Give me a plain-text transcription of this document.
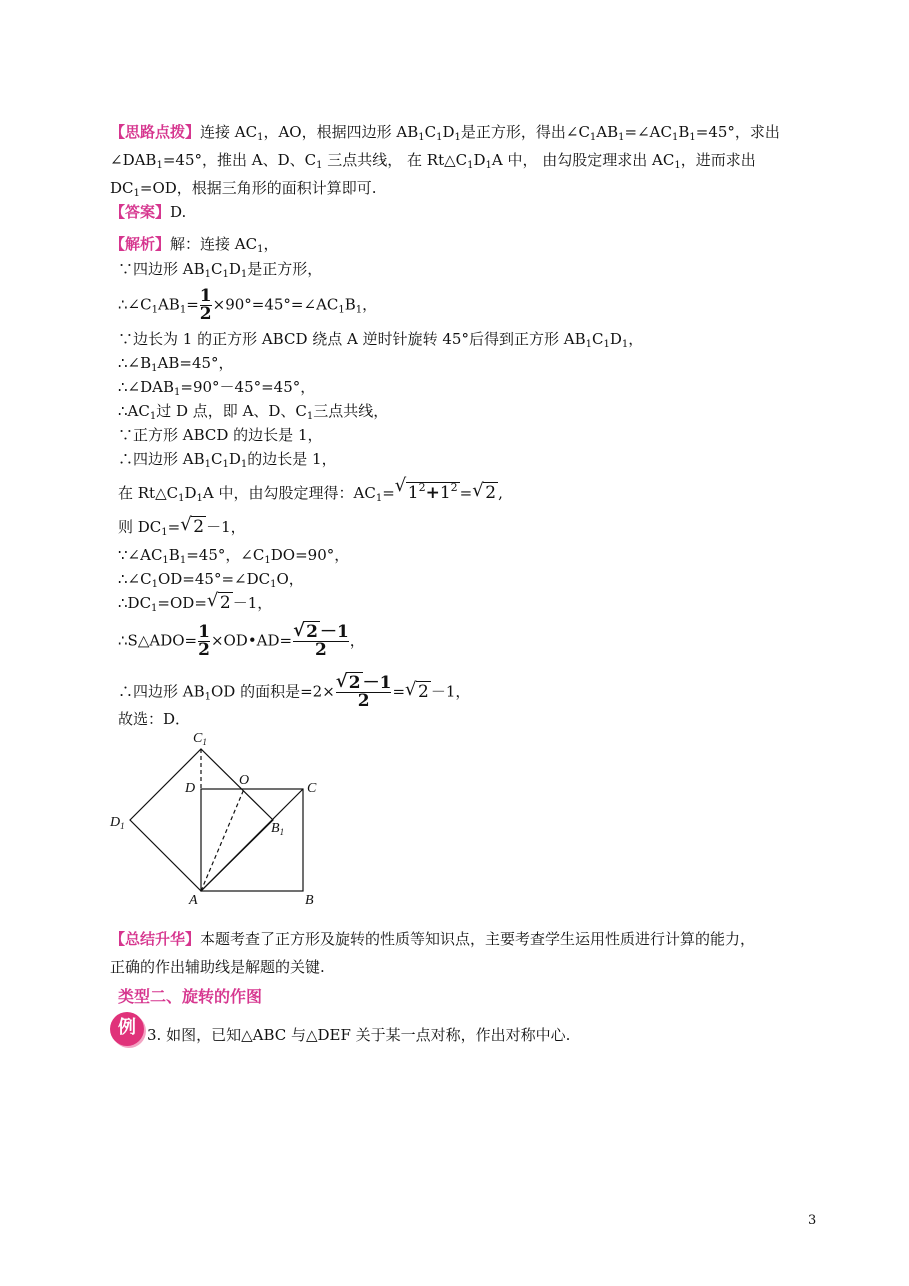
【思路点拨】连接 $AC_1$，AO，根据四边形 $AB_1C_1D_1$是正方形，得出$\angle C_1AB_1=\angle AC_1B_1=45^\circ$，求出
$\angle DAB_1=45^\circ$，推出 A、D、$C_1$ 三点共线， 在 $Rt\triangle C_1D_1A$ 中， 由勾股定理求出 $AC_1$，进而求出
$DC_1=OD$，根据三角形的面积计算即可.
【答案】D.
【解析】解：连接 $AC_1$，
∵四边形 $AB_1C_1D_1$是正方形，
$\therefore\angle C_1AB_1= \frac{1}{2}$ $\times 90^\circ=45^\circ=\angle AC_1B_1$，
∵边长为 1 的正方形 ABCD 绕点 A 逆时针旋转 45°后得到正方形 $AB_1C_1D_1$，
$\therefore\angle B_1AB=45^\circ$，
$\therefore\angle DAB_1=90^\circ-45^\circ=45^\circ$，
$\therefore AC_1$过 D 点，即 A、D、$C_1$三点共线，
∵正方形 ABCD 的边长是 1，
∴四边形 $AB_1C_1D_1$的边长是 1，
在 $Rt\triangle C_1D_1A$ 中，由勾股定理得：$AC_1=√$ $1^2+1^2$ =√ 2 ,
则 $DC_1=√$ 2 －1，
$\because\angle AC_1B_1=45^\circ$，$\angle C_1DO=90^\circ$，
$\therefore\angle C_1OD=45^\circ=\angle DC_1O$，
$\therefore DC_1=OD=√$ 2 －1，
∴S△ADO= $\frac{1}{2}$ ×OD•AD=
√ $\frac{2 -1}{2}$ ，
∴四边形 $AB_1OD$ 的面积是=2×
√ $\frac{2 -1}{2}$ =√ 2 －1，
故选：D．
$C_1$
O
C
D
$D_1$	$B_1$
A	B
【总结升华】本题考查了正方形及旋转的性质等知识点，主要考查学生运用性质进行计算的能力，
正确的作出辅助线是解题的关键.
类型二、旋转的作图
例 3. 如图，已知△ABC 与△DEF 关于某一点对称，作出对称中心.
3
